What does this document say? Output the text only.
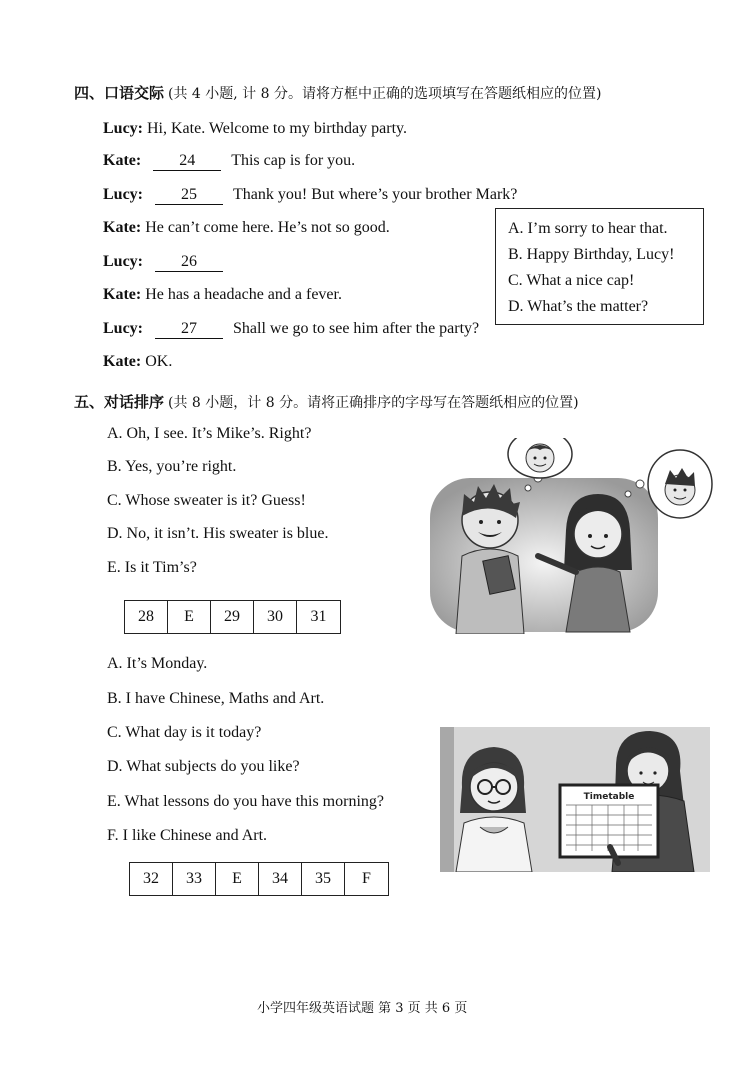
四、口语交际 (共 4 小题, 计 8 分。请将方框中正确的选项填写在答题纸相应的位置)
Lucy: Hi, Kate. Welcome to my birthday party.
Kate: 24 This cap is for you.
Lucy: 25 Thank you! But where’s your brother Mark?
Kate: He can’t come here. He’s not so good.
Lucy: 26
Kate: He has a headache and a fever.
Lucy: 27 Shall we go to see him after the party?
Kate: OK.
A. I’m sorry to hear that.
B. Happy Birthday, Lucy!
C. What a nice cap!
D. What’s the matter?
五、对话排序 (共 8 小题，计 8 分。请将正确排序的字母写在答题纸相应的位置)
A. Oh, I see. It’s Mike’s. Right?
B. Yes, you’re right.
C. Whose sweater is it? Guess!
D. No, it isn’t. His sweater is blue.
E. Is it Tim’s?
28	E	29	30	31
A. It’s Monday.
B. I have Chinese, Maths and Art.
C. What day is it today?
D. What subjects do you like?
E. What lessons do you have this morning?
F. I like Chinese and Art.
32	33	E	34	35	F
Timetable
小学四年级英语试题 第 3 页 共 6 页
